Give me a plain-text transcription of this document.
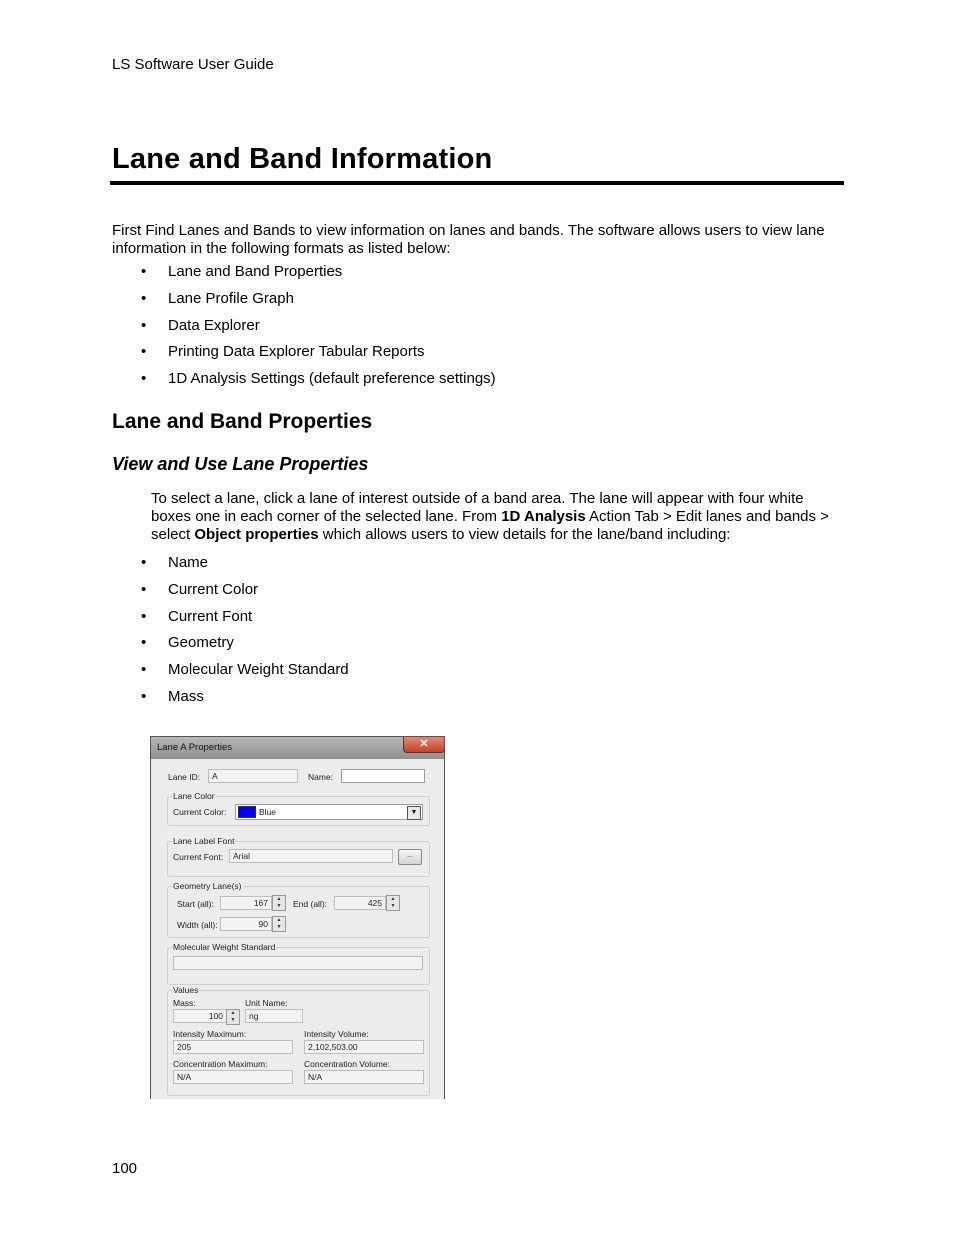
LS Software User Guide
Lane and Band Information

First Find Lanes and Bands to view information on lanes and bands. The software allows users to view lane information in the following formats as listed below:

• Lane and Band Properties
• Lane Profile Graph
• Data Explorer
• Printing Data Explorer Tabular Reports
• 1D Analysis Settings (default preference settings)
Lane and Band Properties
View and Use Lane Properties

To select a lane, click a lane of interest outside of a band area. The lane will appear with four white boxes one in each corner of the selected lane. From 1D Analysis Action Tab > Edit lanes and bands > select Object properties which allows users to view details for the lane/band including:

• Name
• Current Color
• Current Font
• Geometry
• Molecular Weight Standard
• Mass
Lane A Properties	✕
Lane ID:	A	Name:
Lane Color
Current Color:	Blue	▼
Lane Label Font
Current Font:	Arial	...
Geometry Lane(s)
Start (all):	167	▲
▼	End (all):	425	▲
▼
Width (all):	90	▲
▼
Molecular Weight Standard
Values
Mass:
100	▲
▼
Unit Name:
ng
Intensity Maximum:
205
Intensity Volume:
2,102,503.00
Concentration Maximum:
N/A
Concentration Volume:
N/A
100
